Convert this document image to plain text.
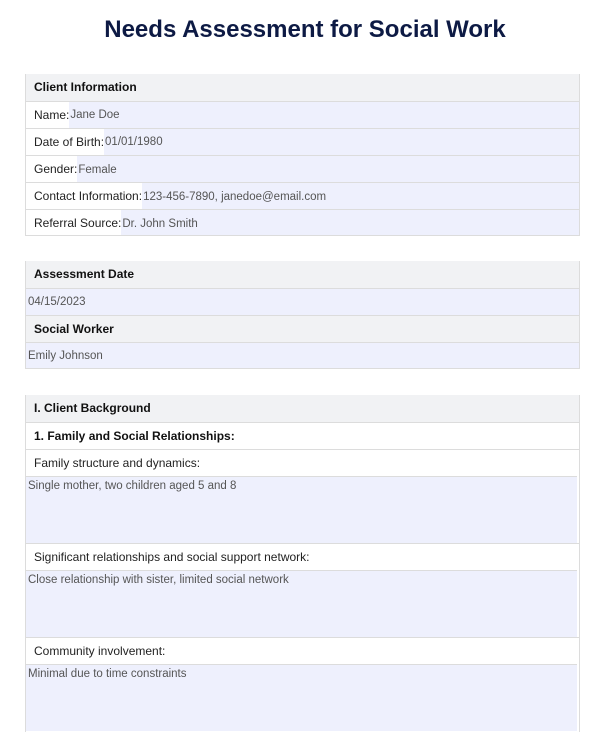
Needs Assessment for Social Work
Client Information
Name: Jane Doe
Date of Birth: 01/01/1980
Gender: Female
Contact Information: 123-456-7890, janedoe@email.com
Referral Source: Dr. John Smith
Assessment Date
04/15/2023
Social Worker
Emily Johnson
I. Client Background
1. Family and Social Relationships:
Family structure and dynamics:
Single mother, two children aged 5 and 8
Significant relationships and social support network:
Close relationship with sister, limited social network
Community involvement:
Minimal due to time constraints
